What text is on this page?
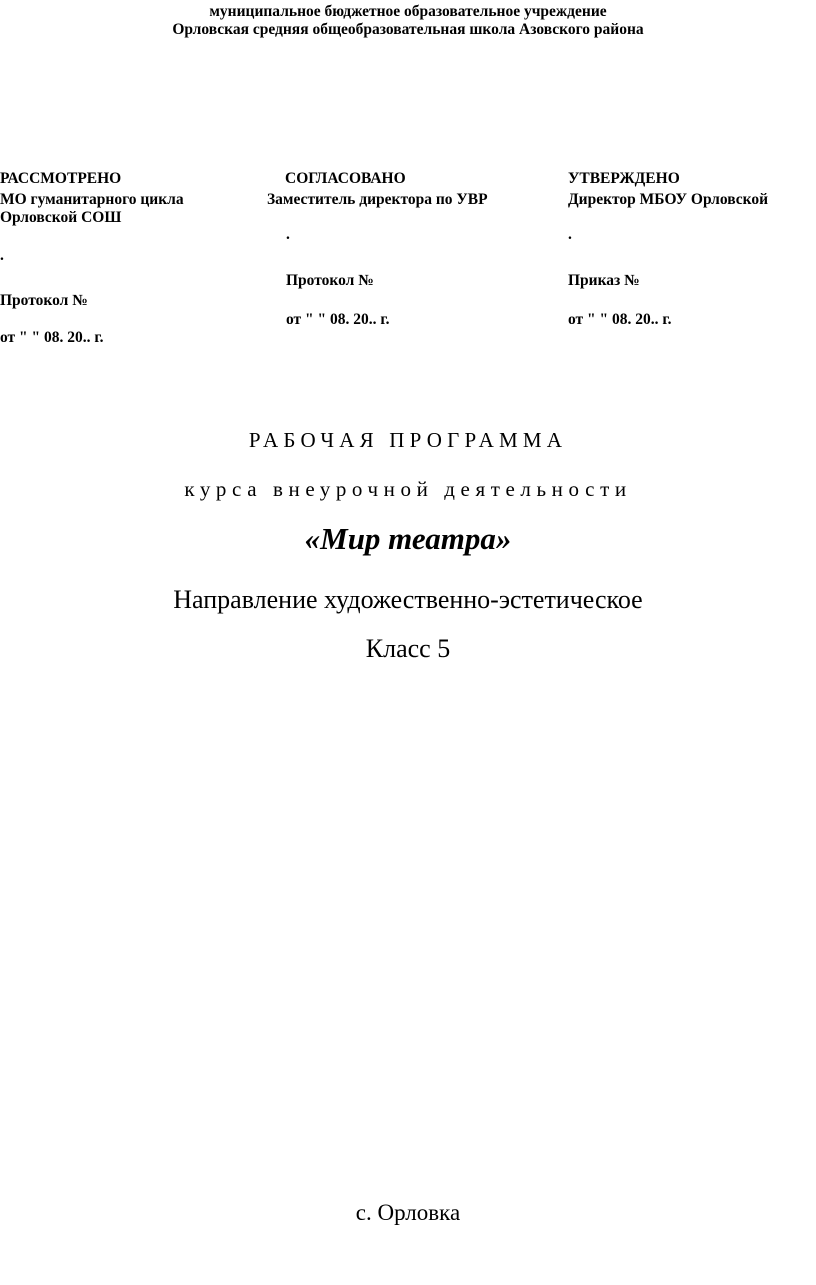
муниципальное бюджетное образовательное учреждение
Орловская средняя общеобразовательная школа Азовского района
РАССМОТРЕНО
МО гуманитарного цикла
Орловской СОШ
.
Протокол №
от " " 08. 20.. г.
СОГЛАСОВАНО
Заместитель директора по УВР
.
Протокол №
от " " 08. 20.. г.
УТВЕРЖДЕНО
Директор МБОУ Орловской
.
Приказ №
от " " 08. 20.. г.
РАБОЧАЯ ПРОГРАММА
курса внеурочной деятельности
«Мир театра»
Направление художественно-эстетическое
Класс 5
с. Орловка
